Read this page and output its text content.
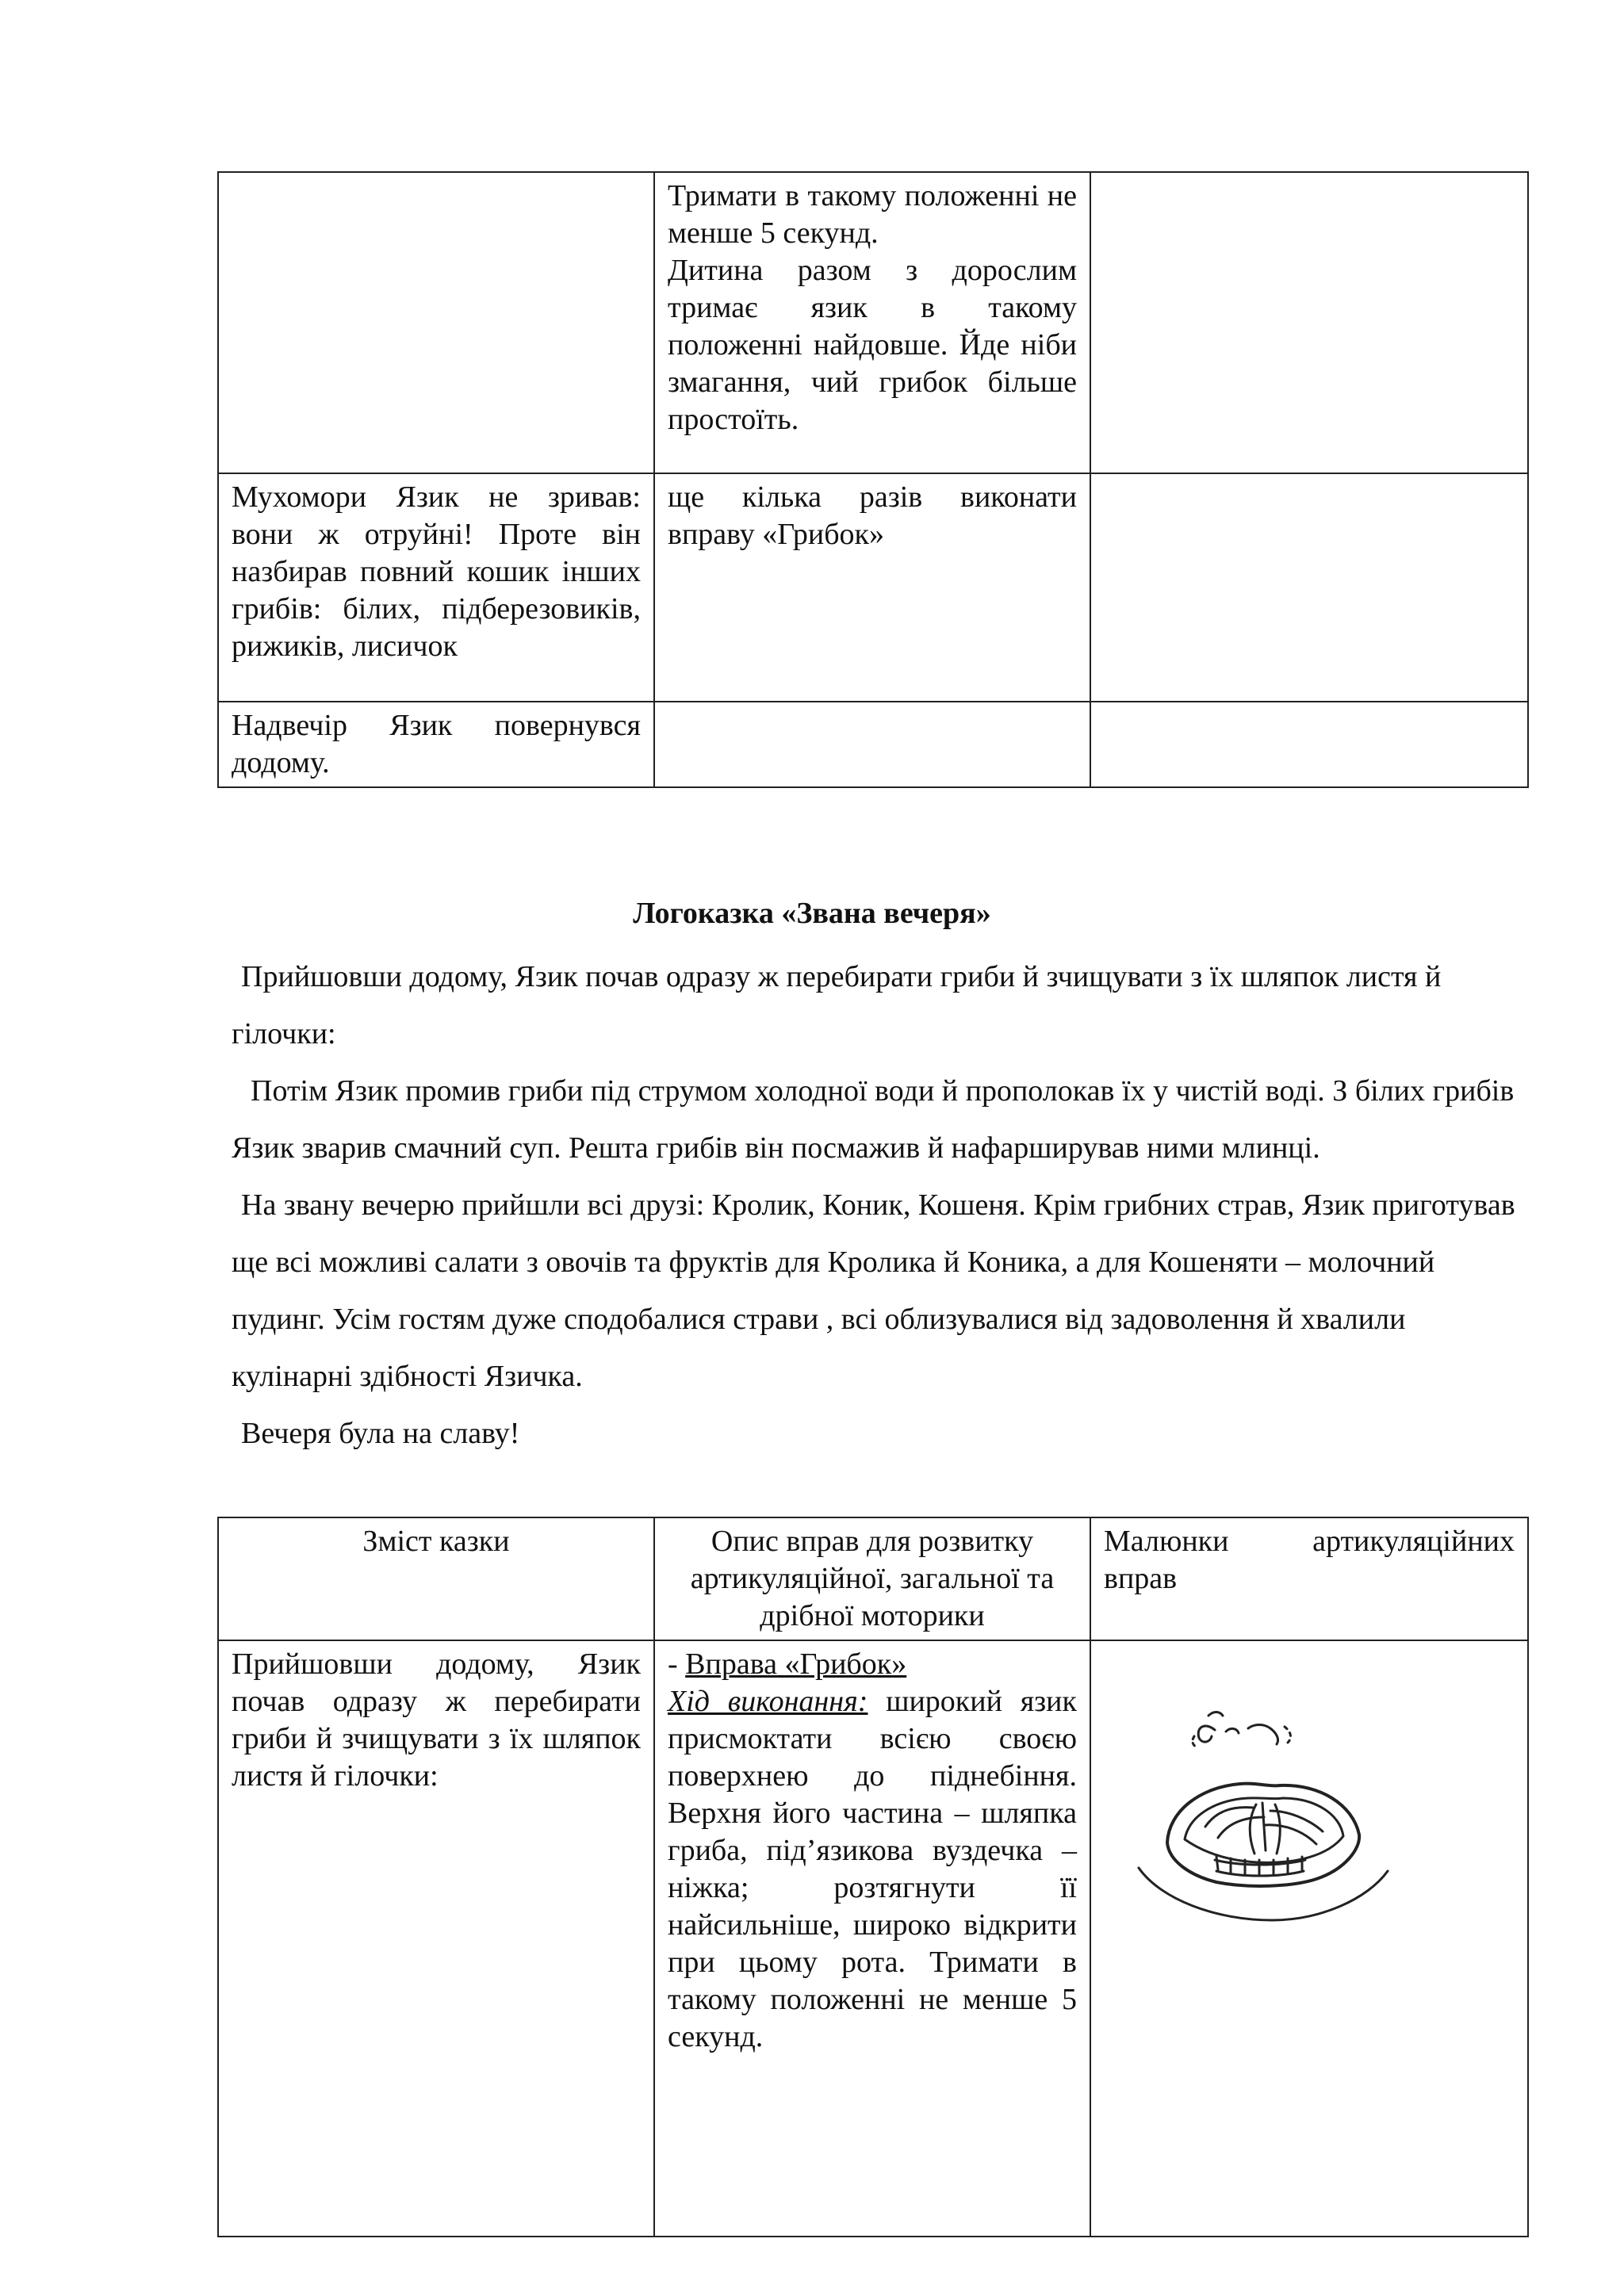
	Тримати в такому положенні не менше 5 секунд.
Дитина разом з дорослим тримає язик в такому положенні найдовше. Йде ніби змагання, чий грибок більше простоїть.	

Мухомори Язик не зривав: вони ж отруйні! Проте він назбирав повний кошик інших грибів: білих, підберезовиків, рижиків, лисичок	ще кілька разів виконати вправу «Грибок»	

Надвечір Язик повернувся додому.		
Логоказка «Звана вечеря»

Прийшовши додому, Язик почав одразу ж перебирати гриби й зчищувати з їх шляпок листя й гілочки:

Потім Язик промив гриби під струмом холодної води й прополокав їх у чистій воді. З білих грибів Язик зварив смачний суп. Решта грибів він посмажив й нафарширував ними млинці.

На звану вечерю прийшли всі друзі: Кролик, Коник, Кошеня. Крім грибних страв, Язик приготував ще всі можливі салати з овочів та фруктів для Кролика й Коника, а для Кошеняти – молочний пудинг. Усім гостям дуже сподобалися страви , всі облизувалися від задоволення й хвалили кулінарні здібності Язичка.

Вечеря була на славу!

Зміст казки	Опис вправ для розвитку артикуляційної, загальної та дрібної моторики	Малюнки артикуляційних вправ
Прийшовши додому, Язик почав одразу ж перебирати гриби й зчищувати з їх шляпок листя й гілочки:	- Вправа «Грибок»
Хід виконання: широкий язик присмоктати всією своєю поверхнею до піднебіння. Верхня його частина – шляпка гриба, під’язикова вуздечка – ніжка; розтягнути її найсильніше, широко відкрити при цьому рота. Тримати в такому положенні не менше 5 секунд.
